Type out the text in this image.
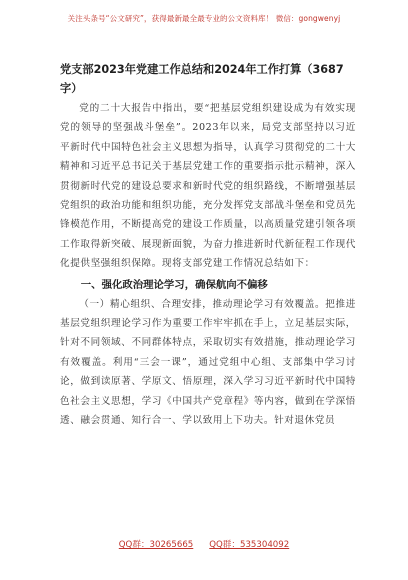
关注头条号“公文研究”，获得最新最全最专业的公文资料库！ 微信：gongwenyj

党支部2023年党建工作总结和2024年工作打算（3687字）

党的二十大报告中指出，要“把基层党组织建设成为有效实现党的领导的坚强战斗堡垒”。2023年以来，局党支部坚持以习近平新时代中国特色社会主义思想为指导，认真学习贯彻党的二十大精神和习近平总书记关于基层党建工作的重要指示批示精神，深入贯彻新时代党的建设总要求和新时代党的组织路线，不断增强基层党组织的政治功能和组织功能，充分发挥党支部战斗堡垒和党员先锋模范作用，不断提高党的建设工作质量，以高质量党建引领各项工作取得新突破、展现新面貌，为奋力推进新时代新征程工作现代化提供坚强组织保障。现将支部党建工作情况总结如下：

一、强化政治理论学习，确保航向不偏移

（一）精心组织、合理安排，推动理论学习有效覆盖。把推进基层党组织理论学习作为重要工作牢牢抓在手上，立足基层实际，针对不同领域、不同群体特点，采取切实有效措施，推动理论学习有效覆盖。利用“三会一课”，通过党组中心组、支部集中学习讨论，做到读原著、学原文、悟原理，深入学习习近平新时代中国特色社会主义思想，学习《中国共产党章程》等内容，做到在学深悟透、融会贯通、知行合一、学以致用上下功夫。针对退休党员

QQ群：30265665 QQ群：535304092
